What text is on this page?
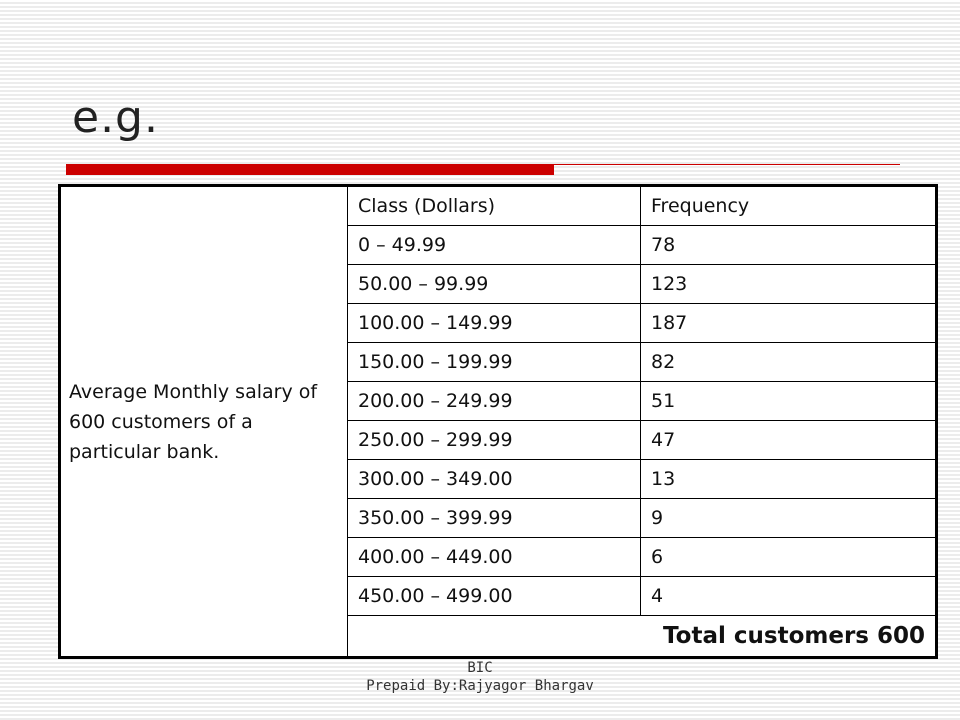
e.g.
Average Monthly salary of 600 customers of a particular bank.	Class (Dollars)	Frequency
	0 – 49.99	78
	50.00 – 99.99	123
	100.00 – 149.99	187
	150.00 – 199.99	82
	200.00 – 249.99	51
	250.00 – 299.99	47
	300.00 – 349.00	13
	350.00 – 399.99	9
	400.00 – 449.00	6
	450.00 – 499.00	4
	Total customers 600	
BIC
Prepaid By:Rajyagor Bhargav
